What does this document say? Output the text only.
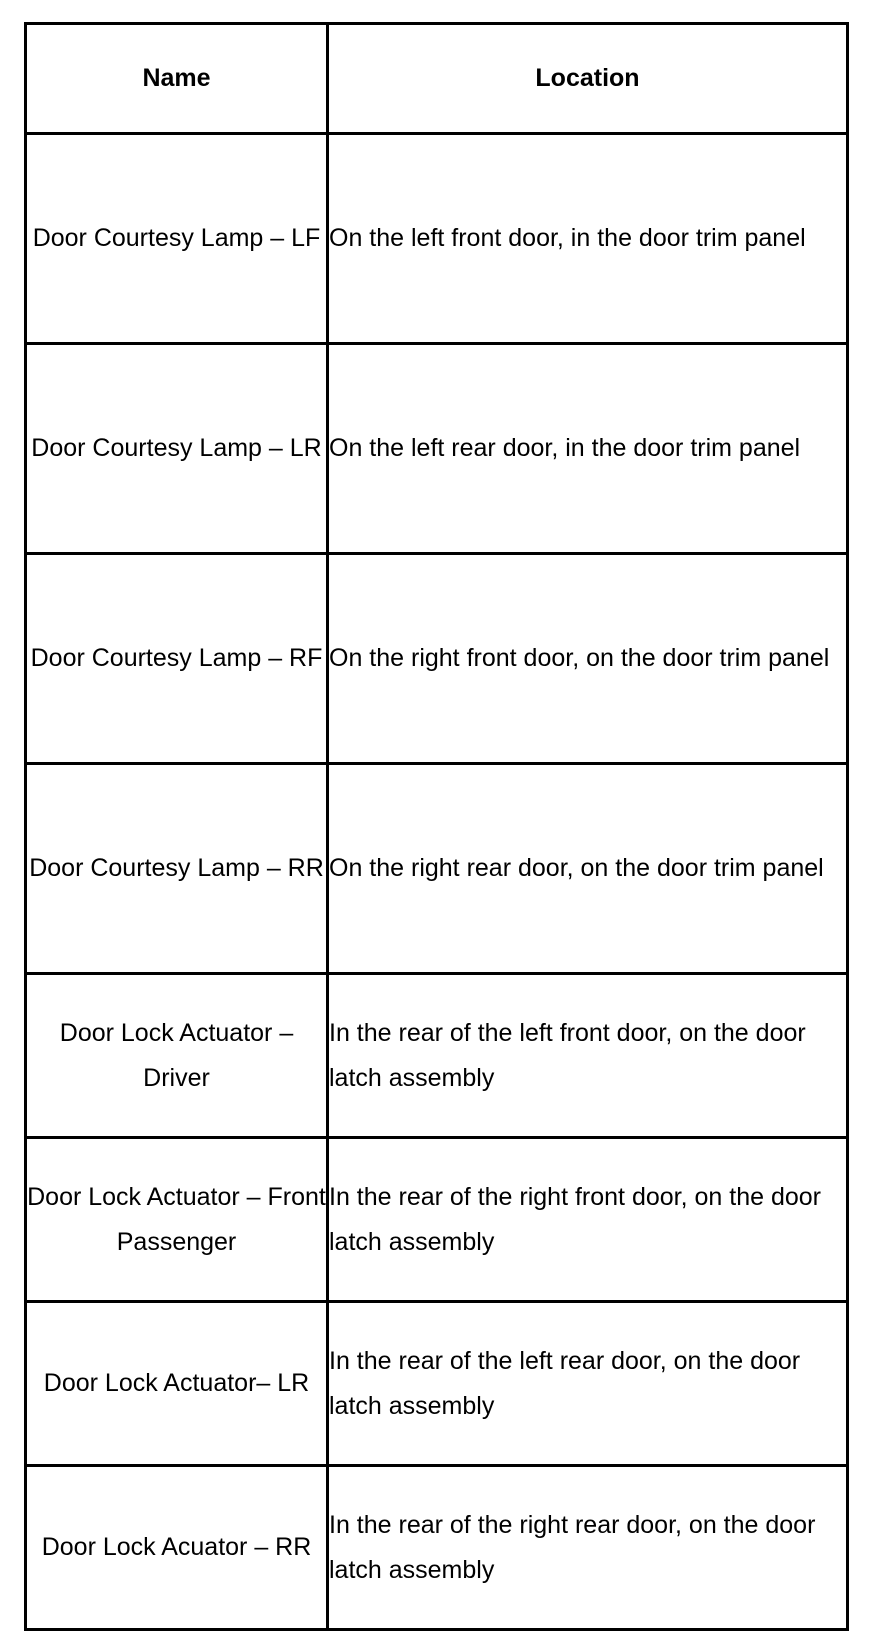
Name	Location
Door Courtesy Lamp – LF	On the left front door, in the door trim panel
Door Courtesy Lamp – LR	On the left rear door, in the door trim panel
Door Courtesy Lamp – RF	On the right front door, on the door trim panel
Door Courtesy Lamp – RR	On the right rear door, on the door trim panel
Door Lock Actuator – Driver	In the rear of the left front door, on the door latch assembly
Door Lock Actuator – Front Passenger	In the rear of the right front door, on the door latch assembly
Door Lock Actuator– LR	In the rear of the left rear door, on the door latch assembly
Door Lock Acuator – RR	In the rear of the right rear door, on the door latch assembly
